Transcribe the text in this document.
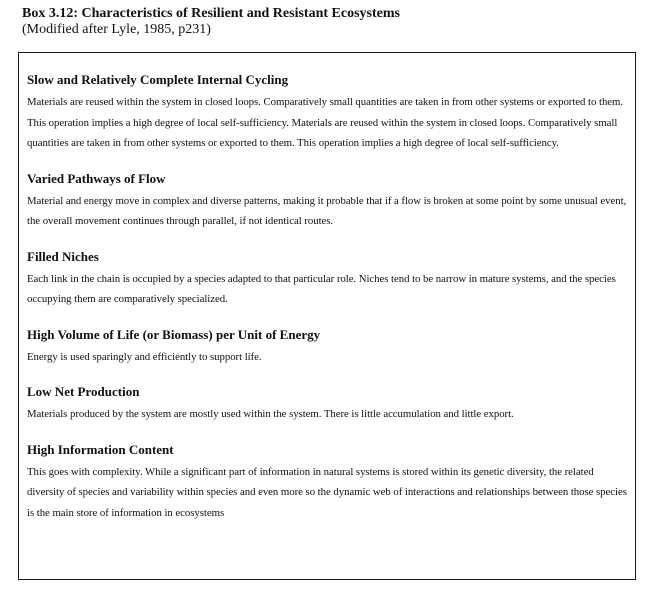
Box 3.12: Characteristics of Resilient and Resistant Ecosystems
(Modified after Lyle, 1985, p231)
Slow and Relatively Complete Internal Cycling

Materials are reused within the system in closed loops. Comparatively small quantities are taken in from other systems or exported to them. This operation implies a high degree of local self-sufficiency. Materials are reused within the system in closed loops. Comparatively small quantities are taken in from other systems or exported to them. This operation implies a high degree of local self-sufficiency.

Varied Pathways of Flow

Material and energy move in complex and diverse patterns, making it probable that if a flow is broken at some point by some unusual event, the overall movement continues through parallel, if not identical routes.

Filled Niches

Each link in the chain is occupied by a species adapted to that particular role. Niches tend to be narrow in mature systems, and the species occupying them are comparatively specialized.

High Volume of Life (or Biomass) per Unit of Energy

Energy is used sparingly and efficiently to support life.

Low Net Production

Materials produced by the system are mostly used within the system. There is little accumulation and little export.

High Information Content

This goes with complexity. While a significant part of information in natural systems is stored within its genetic diversity, the related diversity of species and variability within species and even more so the dynamic web of interactions and relationships between those species is the main store of information in ecosystems
